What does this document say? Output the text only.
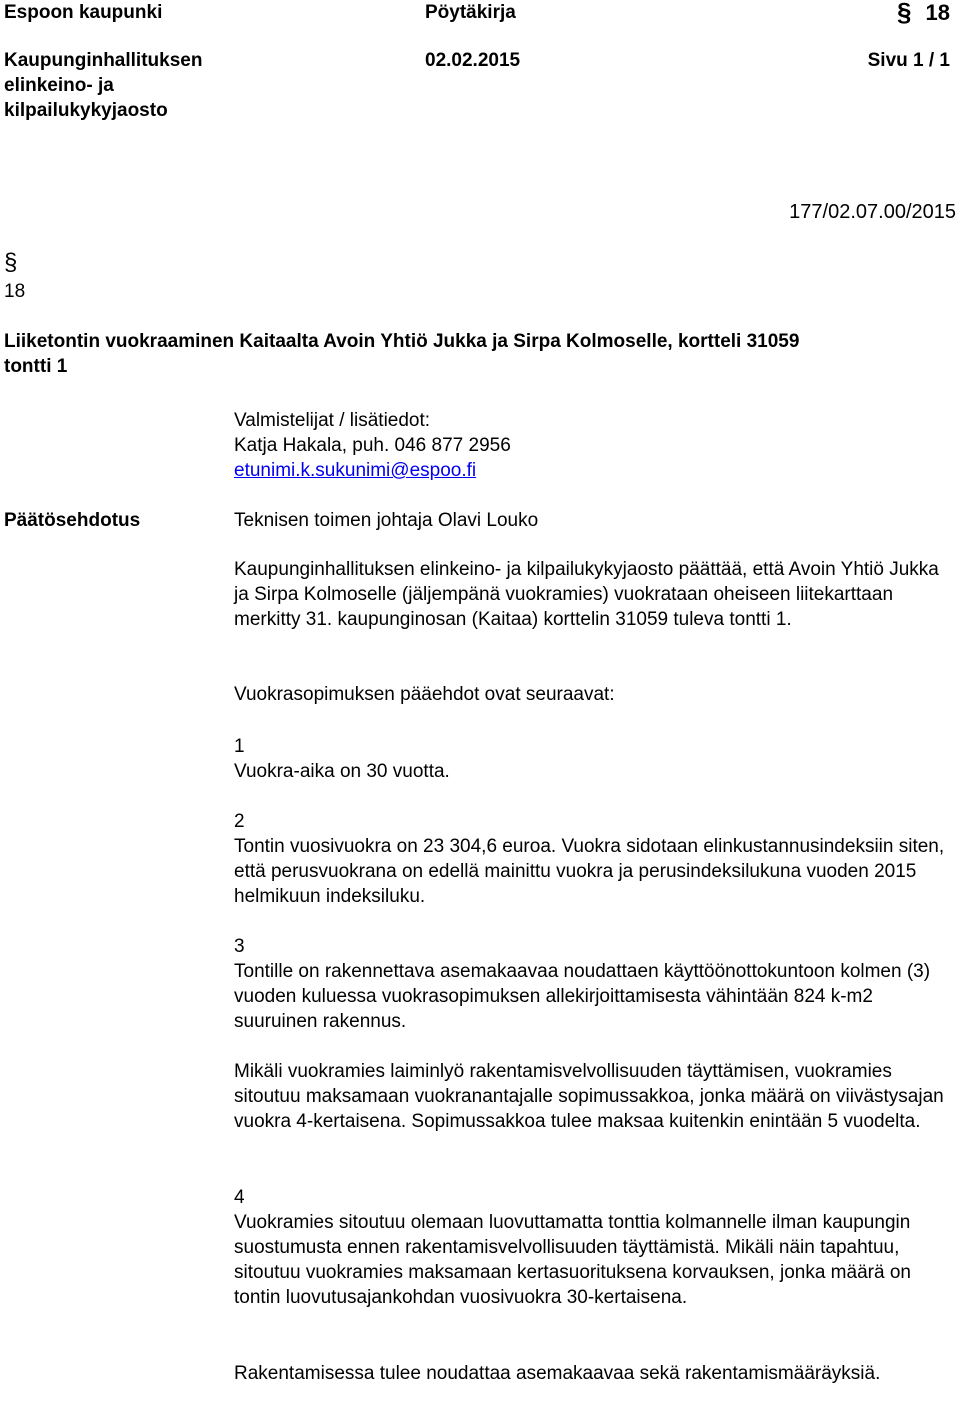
Espoon kaupunki	Pöytäkirja	§ 18
Kaupunginhallituksen
elinkeino- ja
kilpailukykyjaosto
02.02.2015	Sivu 1 / 1
177/02.07.00/2015
§
18
Liiketontin vuokraaminen Kaitaalta Avoin Yhtiö Jukka ja Sirpa Kolmoselle, kortteli 31059
tontti 1
Valmistelijat / lisätiedot:
Katja Hakala, puh. 046 877 2956
etunimi.k.sukunimi@espoo.fi
Päätösehdotus	Teknisen toimen johtaja Olavi Louko
Kaupunginhallituksen elinkeino- ja kilpailukykyjaosto päättää, että Avoin Yhtiö Jukka ja Sirpa Kolmoselle (jäljempänä vuokramies) vuokrataan oheiseen liitekarttaan merkitty 31. kaupunginosan (Kaitaa) korttelin 31059 tuleva tontti 1.
Vuokrasopimuksen pääehdot ovat seuraavat:
1
Vuokra-aika on 30 vuotta.
2
Tontin vuosivuokra on 23 304,6 euroa. Vuokra sidotaan elinkustannusindeksiin siten, että perusvuokrana on edellä mainittu vuokra ja perusindeksilukuna vuoden 2015 helmikuun indeksiluku.
3
Tontille on rakennettava asemakaavaa noudattaen käyttöönottokuntoon kolmen (3) vuoden kuluessa vuokrasopimuksen allekirjoittamisesta vähintään 824 k-m2 suuruinen rakennus.
Mikäli vuokramies laiminlyö rakentamisvelvollisuuden täyttämisen, vuokramies sitoutuu maksamaan vuokranantajalle sopimussakkoa, jonka määrä on viivästysajan vuokra 4-kertaisena. Sopimussakkoa tulee maksaa kuitenkin enintään 5 vuodelta.
4
Vuokramies sitoutuu olemaan luovuttamatta tonttia kolmannelle ilman kaupungin suostumusta ennen rakentamisvelvollisuuden täyttämistä. Mikäli näin tapahtuu, sitoutuu vuokramies maksamaan kertasuorituksena korvauksen, jonka määrä on tontin luovutusajankohdan vuosivuokra 30-kertaisena.
Rakentamisessa tulee noudattaa asemakaavaa sekä rakentamismääräyksiä.
